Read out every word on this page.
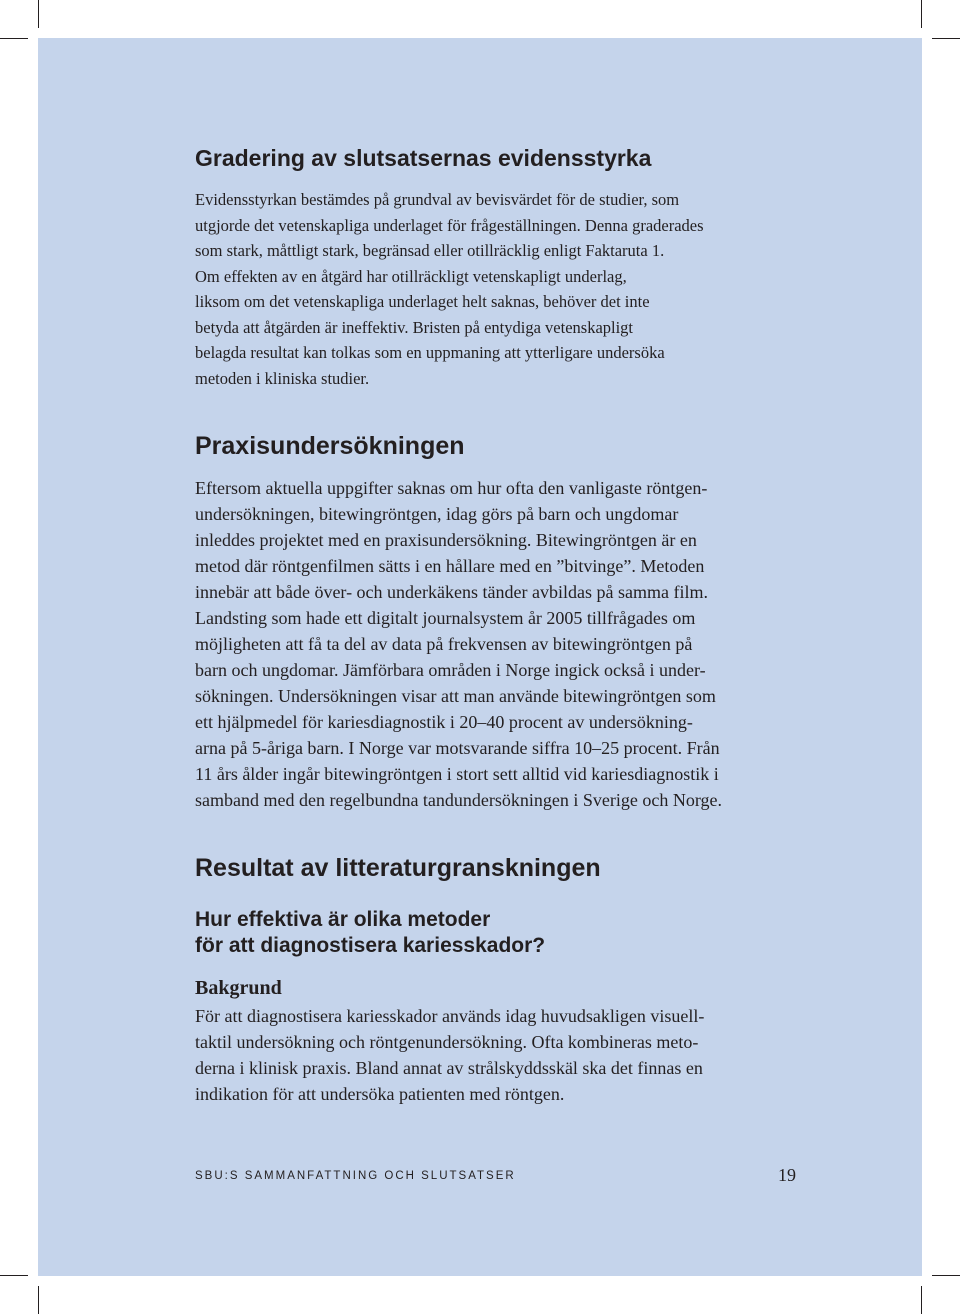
Gradering av slutsatsernas evidensstyrka
Evidensstyrkan bestämdes på grundval av bevisvärdet för de studier, som
utgjorde det vetenskapliga underlaget för frågeställningen. Denna graderades
som stark, måttligt stark, begränsad eller otillräcklig enligt Faktaruta 1.
Om effekten av en åtgärd har otillräckligt vetenskapligt underlag,
liksom om det vetenskapliga underlaget helt saknas, behöver det inte
betyda att åtgärden är ineffektiv. Bristen på entydiga vetenskapligt
belagda resultat kan tolkas som en uppmaning att ytterligare undersöka
metoden i kliniska studier.
Praxisundersökningen
Eftersom aktuella uppgifter saknas om hur ofta den vanligaste röntgen-
undersökningen, bitewingröntgen, idag görs på barn och ungdomar
inleddes projektet med en praxisundersökning. Bitewingröntgen är en
metod där röntgenfilmen sätts i en hållare med en ”bitvinge”. Metoden
innebär att både över- och underkäkens tänder avbildas på samma film.
Landsting som hade ett digitalt journalsystem år 2005 tillfrågades om
möjligheten att få ta del av data på frekvensen av bitewingröntgen på
barn och ungdomar. Jämförbara områden i Norge ingick också i under-
sökningen. Undersökningen visar att man använde bitewingröntgen som
ett hjälpmedel för kariesdiagnostik i 20–40 procent av undersökning-
arna på 5-åriga barn. I Norge var motsvarande siffra 10–25 procent. Från
11 års ålder ingår bitewingröntgen i stort sett alltid vid kariesdiagnostik i
samband med den regelbundna tandundersökningen i Sverige och Norge.
Resultat av litteraturgranskningen
Hur effektiva är olika metoder
för att diagnostisera kariesskador?
Bakgrund
För att diagnostisera kariesskador används idag huvudsakligen visuell-
taktil undersökning och röntgenundersökning. Ofta kombineras meto-
derna i klinisk praxis. Bland annat av strålskyddsskäl ska det finnas en
indikation för att undersöka patienten med röntgen.
SBU:S SAMMANFATTNING OCH SLUTSATSER	19
